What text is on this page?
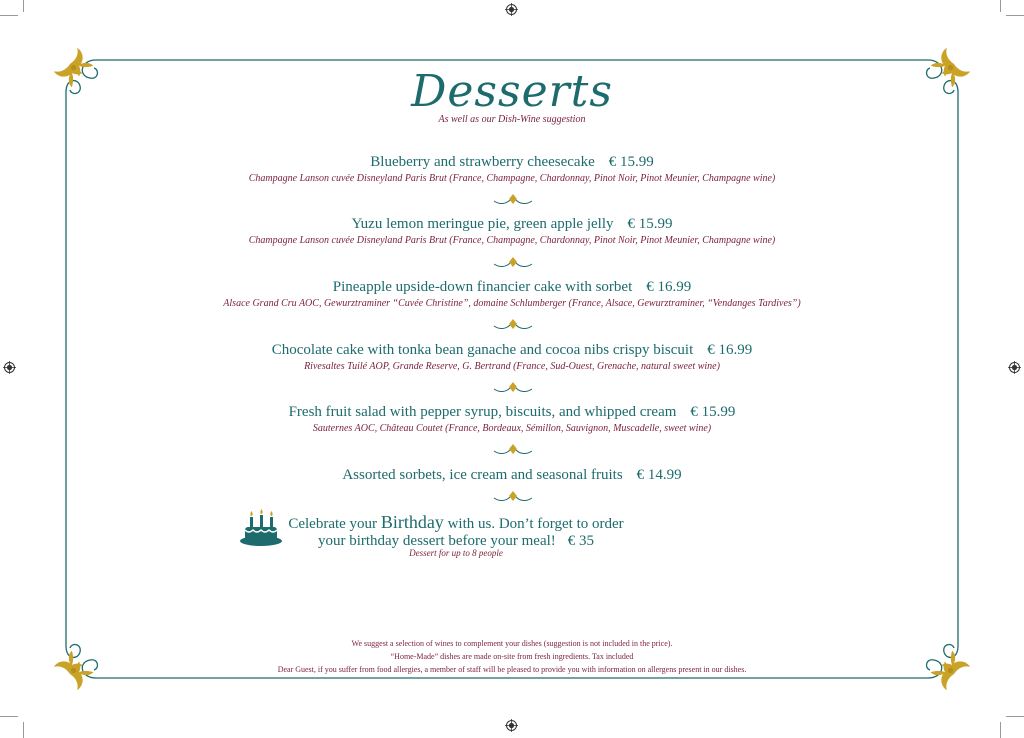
Desserts
As well as our Dish-Wine suggestion
Blueberry and strawberry cheesecake € 15.99
Champagne Lanson cuvée Disneyland Paris Brut (France, Champagne, Chardonnay, Pinot Noir, Pinot Meunier, Champagne wine)
Yuzu lemon meringue pie, green apple jelly € 15.99
Champagne Lanson cuvée Disneyland Paris Brut (France, Champagne, Chardonnay, Pinot Noir, Pinot Meunier, Champagne wine)
Pineapple upside-down financier cake with sorbet € 16.99
Alsace Grand Cru AOC, Gewurztraminer “Cuvée Christine”, domaine Schlumberger (France, Alsace, Gewurztraminer, “Vendanges Tardives”)
Chocolate cake with tonka bean ganache and cocoa nibs crispy biscuit € 16.99
Rivesaltes Tuilé AOP, Grande Reserve, G. Bertrand (France, Sud-Ouest, Grenache, natural sweet wine)
Fresh fruit salad with pepper syrup, biscuits, and whipped cream € 15.99
Sauternes AOC, Château Coutet (France, Bordeaux, Sémillon, Sauvignon, Muscadelle, sweet wine)
Assorted sorbets, ice cream and seasonal fruits € 14.99
Celebrate your Birthday with us. Don’t forget to order
your birthday dessert before your meal! € 35
Dessert for up to 8 people
We suggest a selection of wines to complement your dishes (suggestion is not included in the price).
“Home-Made” dishes are made on-site from fresh ingredients. Tax included
Dear Guest, if you suffer from food allergies, a member of staff will be pleased to provide you with information on allergens present in our dishes.
